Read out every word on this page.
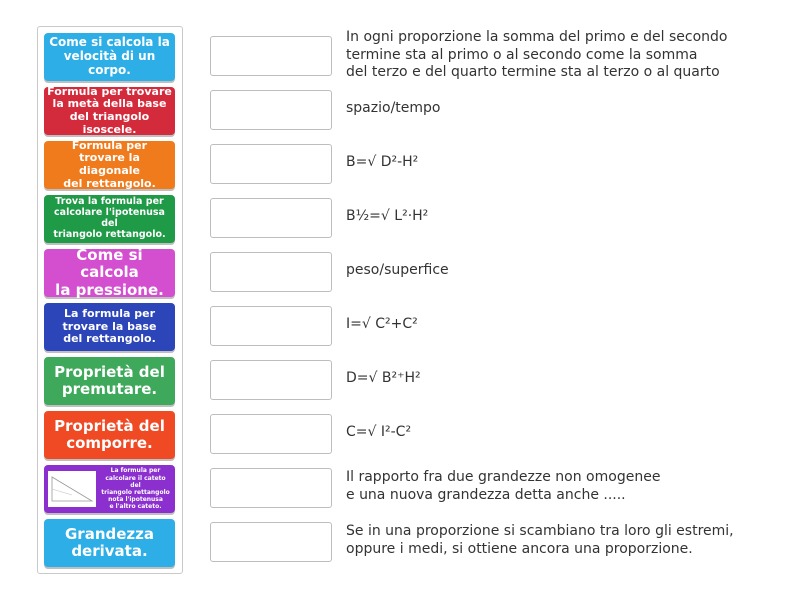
Come si calcola la
velocità di un corpo.
Formula per trovare
la metà della base
del triangolo isoscele.
Formula per
trovare la diagonale
del rettangolo.
Trova la formula per
calcolare l'ipotenusa del
triangolo rettangolo.
Come si calcola
la pressione.
La formula per
trovare la base
del rettangolo.
Proprietà del
premutare.
Proprietà del
comporre.
La formula per
calcolare il cateto del
triangolo rettangolo
nota l'ipotenusa
e l'altro cateto.
Grandezza
derivata.
In ogni proporzione la somma del primo e del secondo
termine sta al primo o al secondo come la somma
del terzo e del quarto termine sta al terzo o al quarto
spazio/tempo
B=√ D²-H²
B½=√ L²·H²
peso/superfice
I=√ C²+C²
D=√ B²⁺H²
C=√ I²-C²
Il rapporto fra due grandezze non omogenee
e una nuova grandezza detta anche .....
Se in una proporzione si scambiano tra loro gli estremi,
oppure i medi, si ottiene ancora una proporzione.
